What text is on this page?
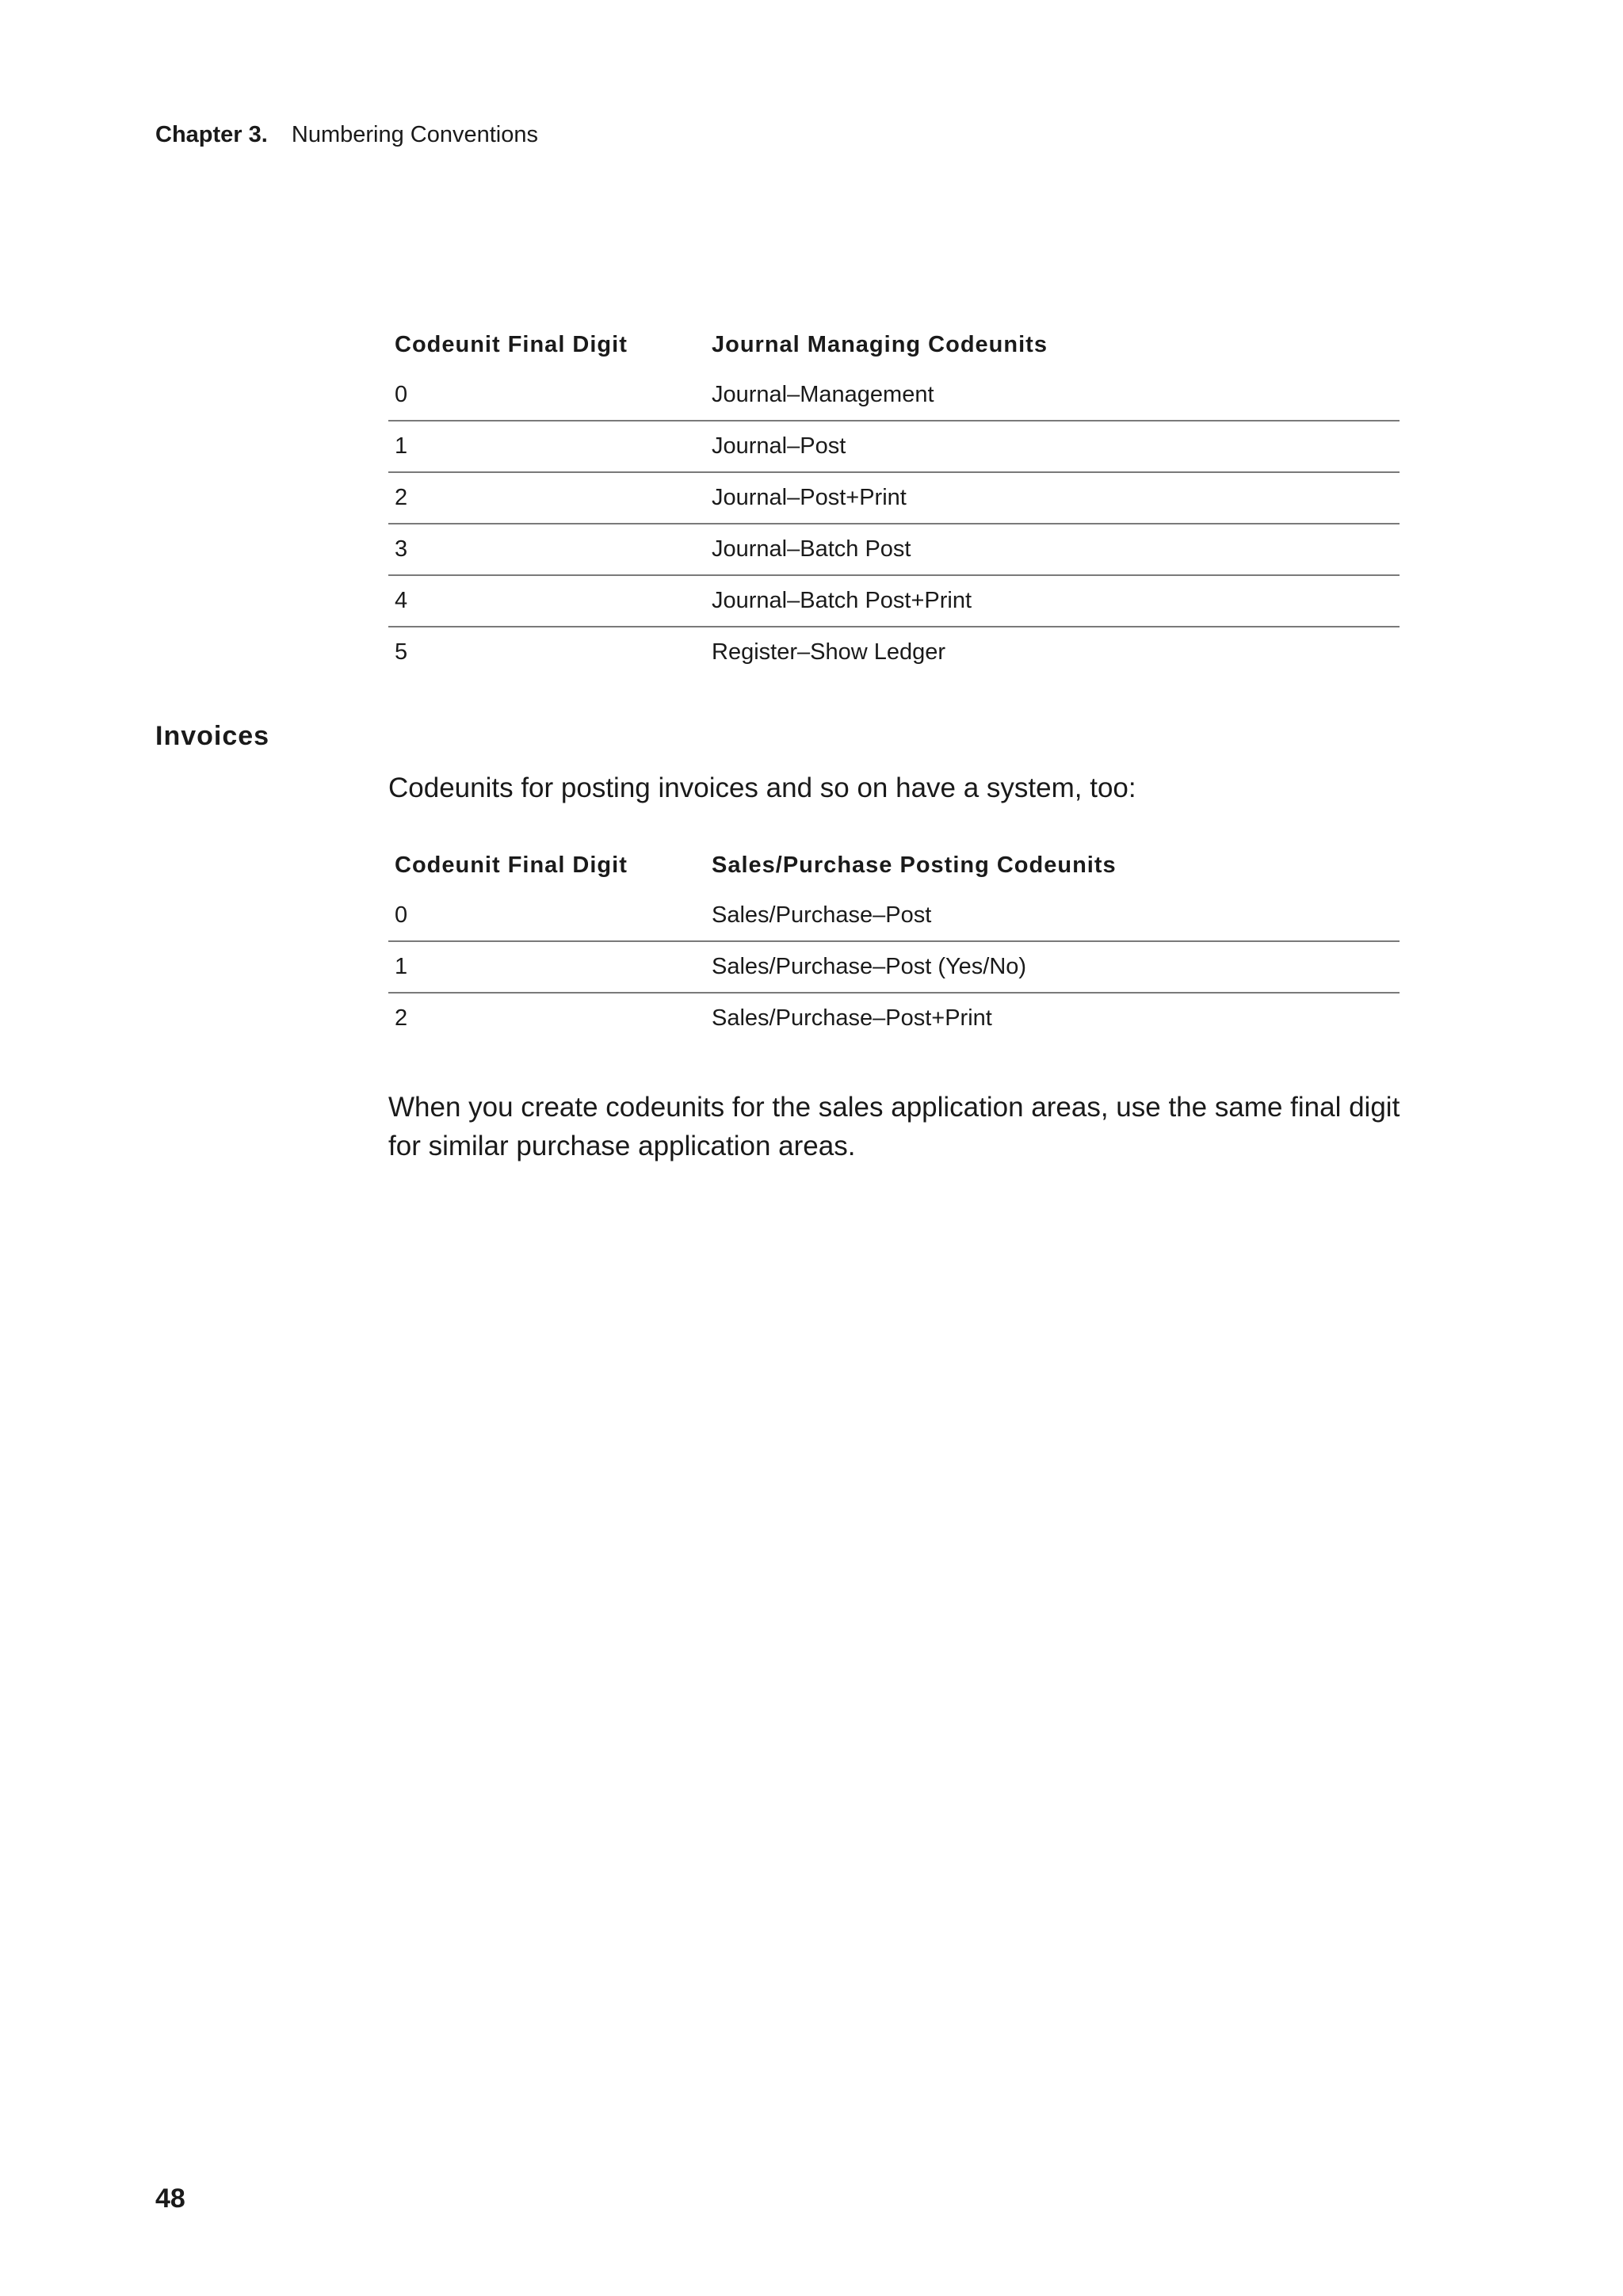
Chapter 3. Numbering Conventions
Codeunit Final Digit	Journal Managing Codeunits
0	Journal–Management
1	Journal–Post
2	Journal–Post+Print
3	Journal–Batch Post
4	Journal–Batch Post+Print
5	Register–Show Ledger
Invoices

Codeunits for posting invoices and so on have a system, too:

Codeunit Final Digit	Sales/Purchase Posting Codeunits
0	Sales/Purchase–Post
1	Sales/Purchase–Post (Yes/No)
2	Sales/Purchase–Post+Print

When you create codeunits for the sales application areas, use the same final digit for similar purchase application areas.

48
